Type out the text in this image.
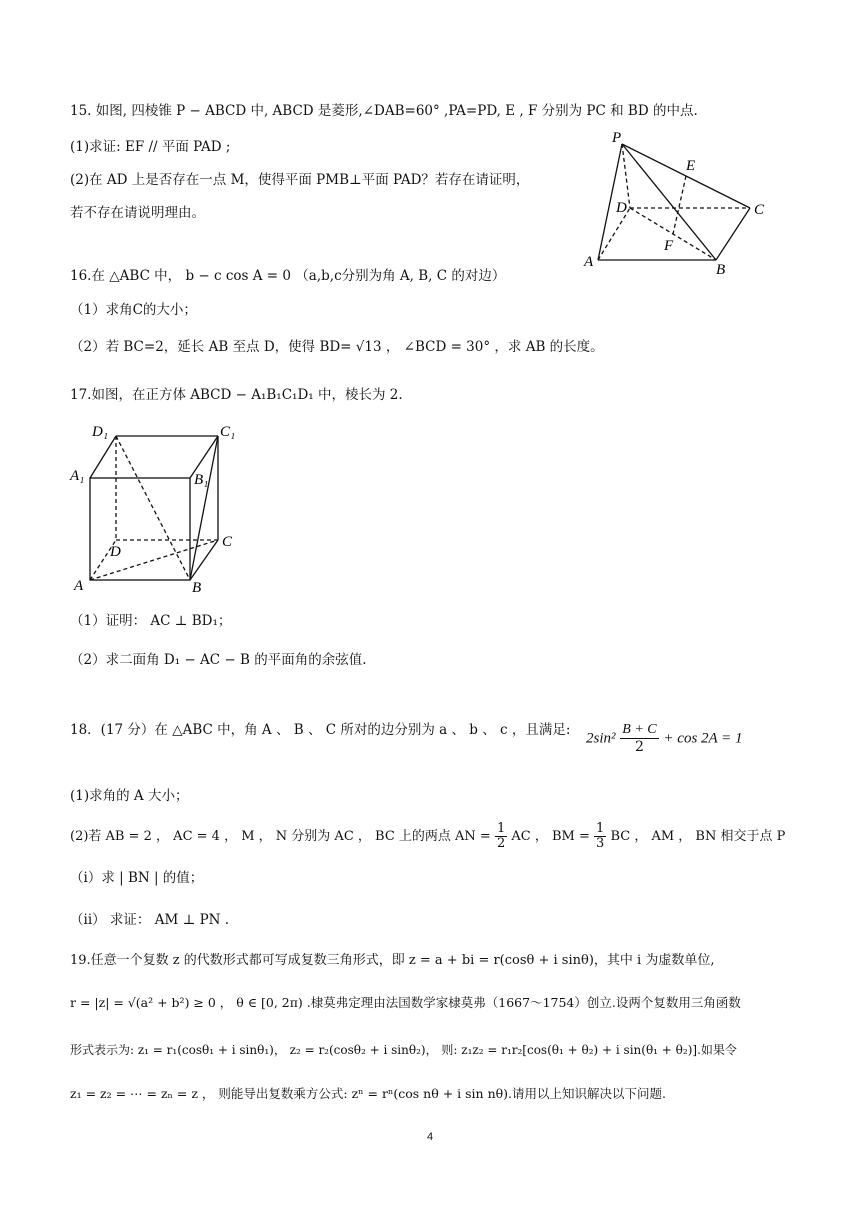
15. 如图, 四棱锥 P − ABCD 中, ABCD 是菱形,∠DAB=60° ,PA=PD, E , F 分别为 PC 和 BD 的中点.
(1)求证: EF // 平面 PAD ;
(2)在 AD 上是否存在一点 M，使得平面 PMB⊥平面 PAD？若存在请证明，
若不存在请说明理由。
P
E
D	C
F
A	B
16.在 △ABC 中， b − c cos A = 0 （a,b,c分别为角 A, B, C 的对边）
（1）求角C的大小；
（2）若 BC=2，延长 AB 至点 D，使得 BD= √13 ， ∠BCD = 30° ，求 AB 的长度。
17.如图，在正方体 ABCD − A₁B₁C₁D₁ 中，棱长为 2.
D₁	C₁
A₁	B₁
D
C
A	B
（1）证明： AC ⊥ BD₁；
（2）求二面角 D₁ − AC − B 的平面角的余弦值.
18．(17 分）在 △ABC 中，角 A 、 B 、 C 所对的边分别为 a 、 b 、 c ，且满足:
$2\sin^2 \frac{B + C}{2} + \cos 2A = 1$
(1)求角的 A 大小；
(2)若 AB = 2 ， AC = 4 ， M ， N 分别为 AC ， BC 上的两点 AN = $\frac{1}{2}$ AC ， BM = $\frac{1}{3}$ BC ， AM ， BN 相交于点 P
（i）求 | BN | 的值；
（ii） 求证： AM ⊥ PN .
19.任意一个复数 z 的代数形式都可写成复数三角形式，即 z = a + bi = r(cosθ + i sinθ)，其中 i 为虚数单位,
r = |z| = √(a² + b²) ≥ 0 ， θ ∈ [0, 2π) .棣莫弗定理由法国数学家棣莫弗（1667～1754）创立.设两个复数用三角函数
形式表示为: z₁ = r₁(cosθ₁ + i sinθ₁)， z₂ = r₂(cosθ₂ + i sinθ₂)， 则: z₁z₂ = r₁r₂[cos(θ₁ + θ₂) + i sin(θ₁ + θ₂)].如果令
z₁ = z₂ = ⋯ = zₙ = z ， 则能导出复数乘方公式: zⁿ = rⁿ(cos nθ + i sin nθ).请用以上知识解决以下问题.
4
